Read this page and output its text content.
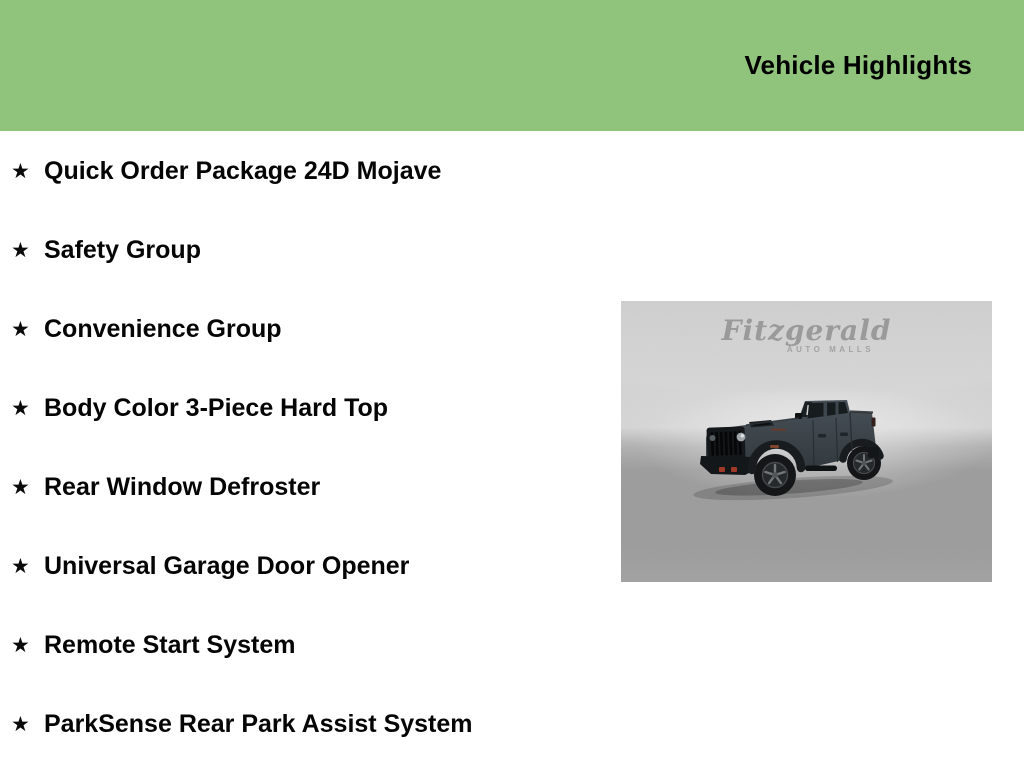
Vehicle Highlights
★ Quick Order Package 24D Mojave
★ Safety Group
★ Convenience Group
★ Body Color 3-Piece Hard Top
★ Rear Window Defroster
★ Universal Garage Door Opener
★ Remote Start System
★ ParkSense Rear Park Assist System
Fitzgerald
AUTO MALLS
